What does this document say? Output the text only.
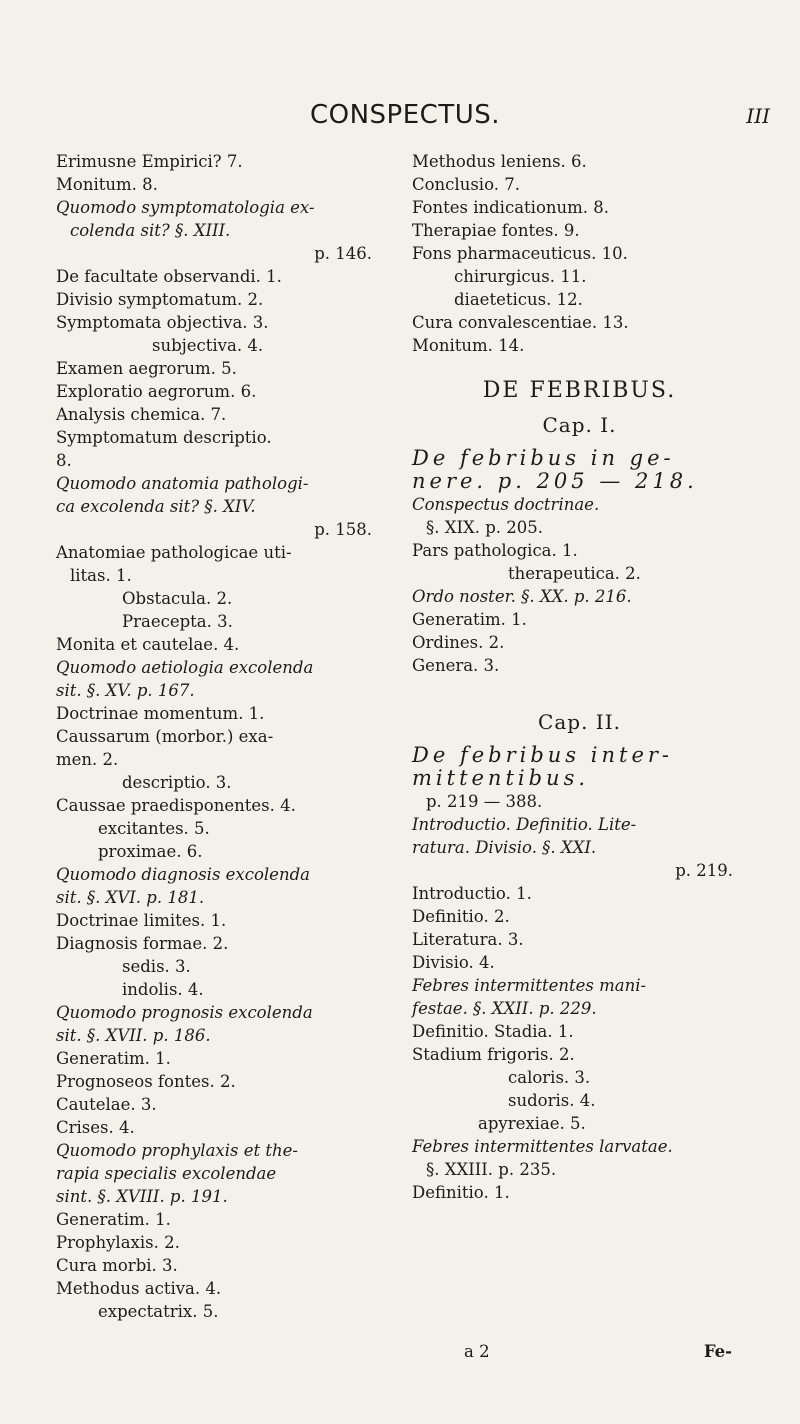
CONSPECTUS.	III
Erimusne Empirici? 7.
Monitum. 8.
Quomodo symptomatologia ex-
colenda sit? §. XIII.
p. 146.
De facultate observandi. 1.
Divisio symptomatum. 2.
Symptomata objectiva. 3.
subjectiva. 4.
Examen aegrorum. 5.
Exploratio aegrorum. 6.
Analysis chemica. 7.
Symptomatum descriptio.
8.
Quomodo anatomia pathologi-
ca excolenda sit? §. XIV.
p. 158.
Anatomiae pathologicae uti-
litas. 1.
Obstacula. 2.
Praecepta. 3.
Monita et cautelae. 4.
Quomodo aetiologia excolenda
sit. §. XV. p. 167.
Doctrinae momentum. 1.
Caussarum (morbor.) exa-
men. 2.
descriptio. 3.
Caussae praedisponentes. 4.
excitantes. 5.
proximae. 6.
Quomodo diagnosis excolenda
sit. §. XVI. p. 181.
Doctrinae limites. 1.
Diagnosis formae. 2.
sedis. 3.
indolis. 4.
Quomodo prognosis excolenda
sit. §. XVII. p. 186.
Generatim. 1.
Prognoseos fontes. 2.
Cautelae. 3.
Crises. 4.
Quomodo prophylaxis et the-
rapia specialis excolendae
sint. §. XVIII. p. 191.
Generatim. 1.
Prophylaxis. 2.
Cura morbi. 3.
Methodus activa. 4.
expectatrix. 5.
Methodus leniens. 6.
Conclusio. 7.
Fontes indicationum. 8.
Therapiae fontes. 9.
Fons pharmaceuticus. 10.
chirurgicus. 11.
diaeteticus. 12.
Cura convalescentiae. 13.
Monitum. 14.
DE FEBRIBUS.
Cap. I.
De febribus in ge-
nere. p. 205 — 218.
Conspectus doctrinae.
§. XIX. p. 205.
Pars pathologica. 1.
therapeutica. 2.
Ordo noster. §. XX. p. 216.
Generatim. 1.
Ordines. 2.
Genera. 3.
Cap. II.
De febribus inter-
mittentibus.
p. 219 — 388.
Introductio. Definitio. Lite-
ratura. Divisio. §. XXI.
p. 219.
Introductio. 1.
Definitio. 2.
Literatura. 3.
Divisio. 4.
Febres intermittentes mani-
festae. §. XXII. p. 229.
Definitio. Stadia. 1.
Stadium frigoris. 2.
caloris. 3.
sudoris. 4.
apyrexiae. 5.
Febres intermittentes larvatae.
§. XXIII. p. 235.
Definitio. 1.
a 2	Fe-
